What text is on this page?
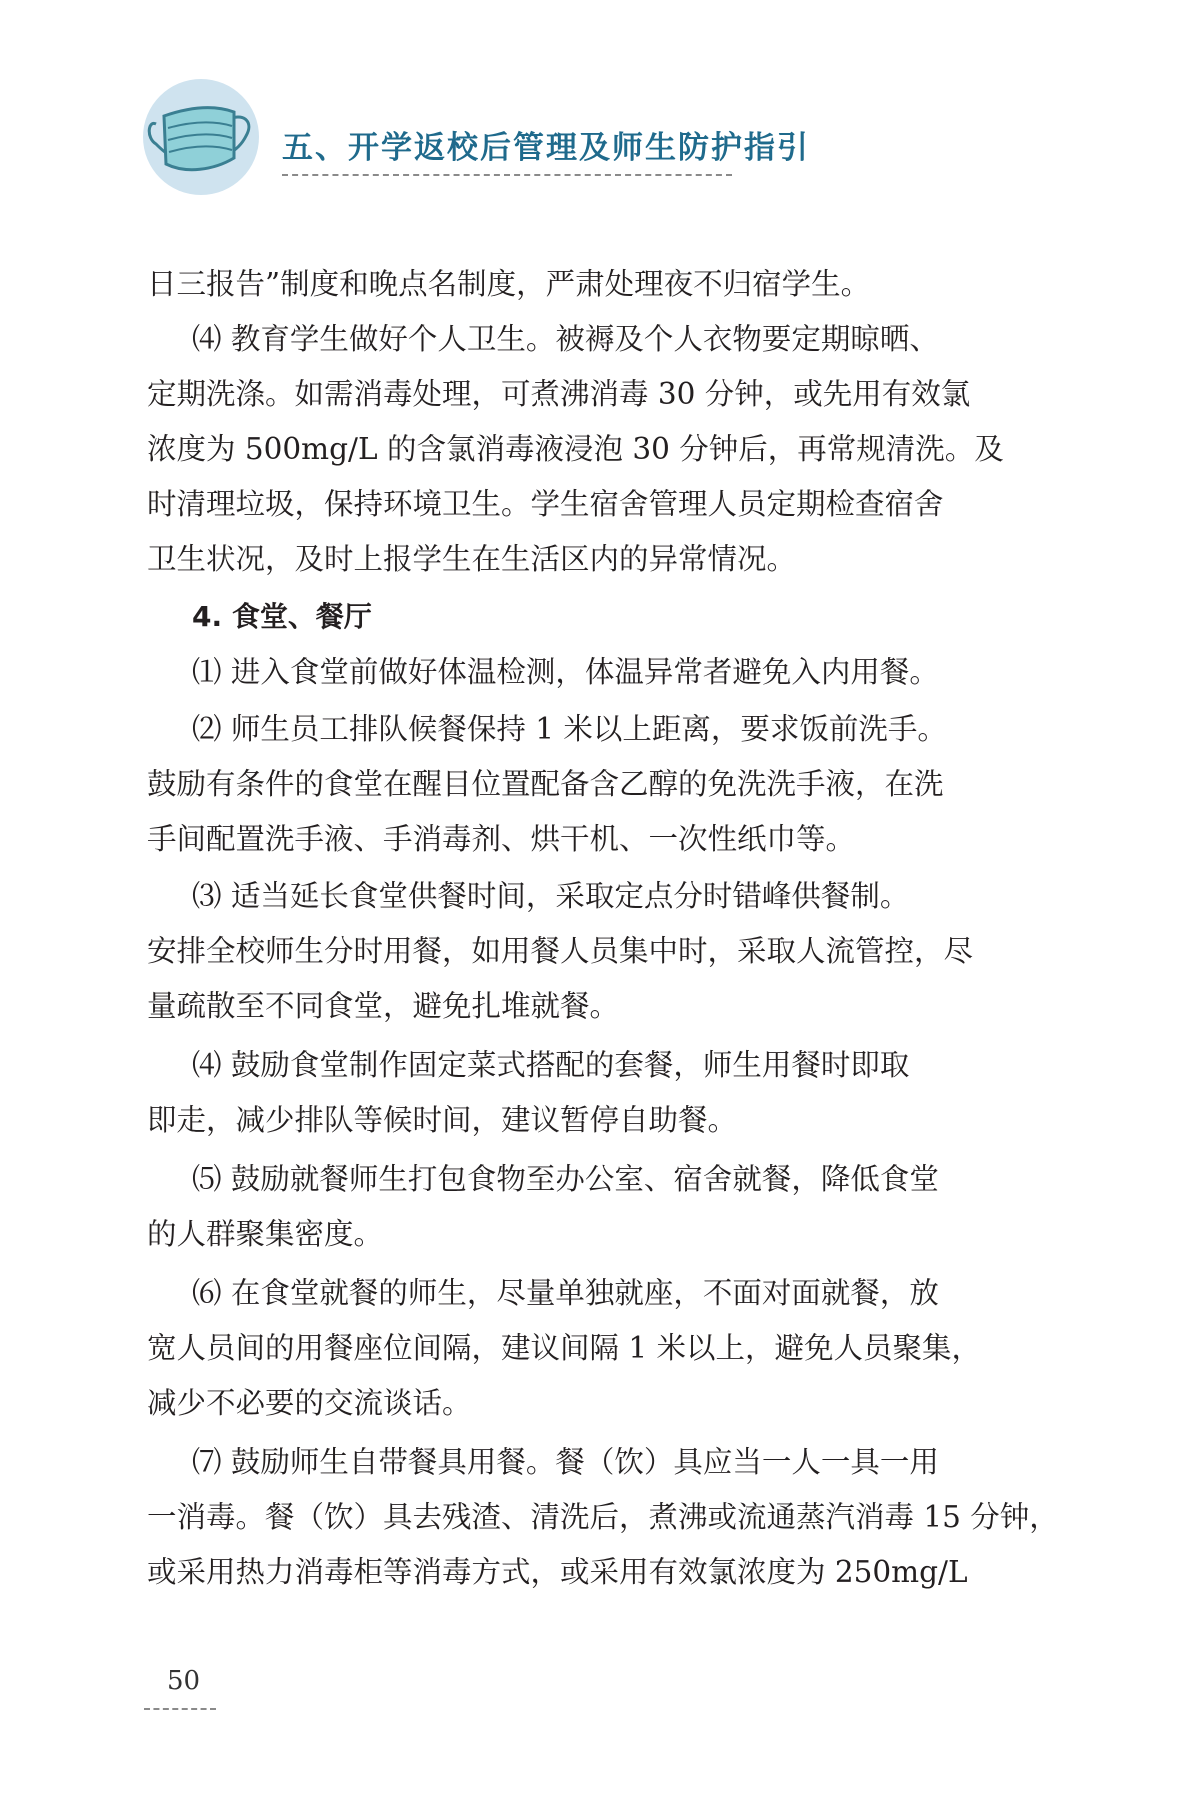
五、开学返校后管理及师生防护指引
日三报告”制度和晚点名制度，严肃处理夜不归宿学生。
⑷ 教育学生做好个人卫生。被褥及个人衣物要定期晾晒、
定期洗涤。如需消毒处理，可煮沸消毒 30 分钟，或先用有效氯
浓度为 500mg/L 的含氯消毒液浸泡 30 分钟后，再常规清洗。及
时清理垃圾，保持环境卫生。学生宿舍管理人员定期检查宿舍
卫生状况，及时上报学生在生活区内的异常情况。
4. 食堂、餐厅
⑴ 进入食堂前做好体温检测，体温异常者避免入内用餐。
⑵ 师生员工排队候餐保持 1 米以上距离，要求饭前洗手。
鼓励有条件的食堂在醒目位置配备含乙醇的免洗洗手液，在洗
手间配置洗手液、手消毒剂、烘干机、一次性纸巾等。
⑶ 适当延长食堂供餐时间，采取定点分时错峰供餐制。
安排全校师生分时用餐，如用餐人员集中时，采取人流管控，尽
量疏散至不同食堂，避免扎堆就餐。
⑷ 鼓励食堂制作固定菜式搭配的套餐，师生用餐时即取
即走，减少排队等候时间，建议暂停自助餐。
⑸ 鼓励就餐师生打包食物至办公室、宿舍就餐，降低食堂
的人群聚集密度。
⑹ 在食堂就餐的师生，尽量单独就座，不面对面就餐，放
宽人员间的用餐座位间隔，建议间隔 1 米以上，避免人员聚集，
减少不必要的交流谈话。
⑺ 鼓励师生自带餐具用餐。餐（饮）具应当一人一具一用
一消毒。餐（饮）具去残渣、清洗后，煮沸或流通蒸汽消毒 15 分钟，
或采用热力消毒柜等消毒方式，或采用有效氯浓度为 250mg/L
50
